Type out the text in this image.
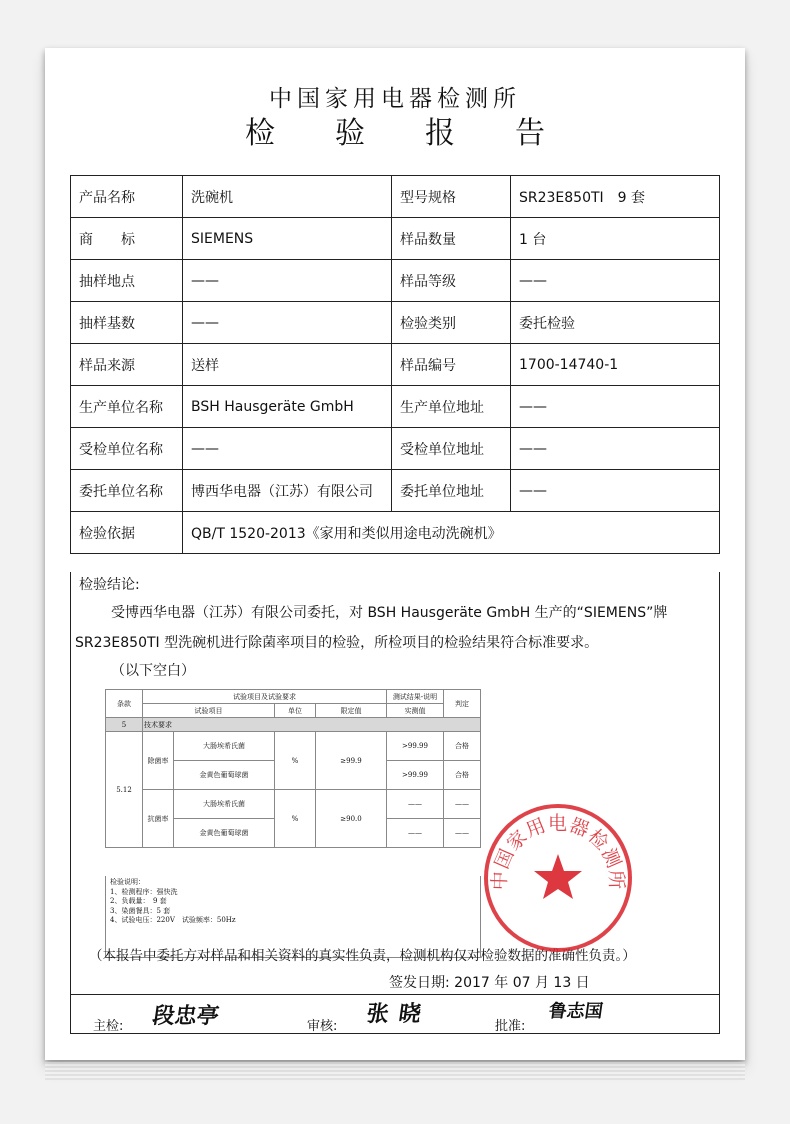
中国家用电器检测所
检验报告
产品名称	洗碗机	型号规格	SR23E850TI　9 套
商　　标	SIEMENS	样品数量	1 台
抽样地点	——	样品等级	——
抽样基数	——	检验类别	委托检验
样品来源	送样	样品编号	1700-14740-1
生产单位名称	BSH Hausgeräte GmbH	生产单位地址	——
受检单位名称	——	受检单位地址	——
委托单位名称	博西华电器（江苏）有限公司	委托单位地址	——
检验依据	QB/T 1520-2013《家用和类似用途电动洗碗机》		
检验结论:

受博西华电器（江苏）有限公司委托，对 BSH Hausgeräte GmbH 生产的“SIEMENS”牌

SR23E850TI 型洗碗机进行除菌率项目的检验，所检项目的检验结果符合标准要求。

（以下空白）
条款	试验项目及试验要求				测试结果-说明	判定
	试验项目		单位	限定值	实测值	
5	技术要求					
5.12	除菌率	大肠埃希氏菌	%	≥99.9	>99.99	合格
		金黄色葡萄球菌			>99.99	合格
	抗菌率	大肠埃希氏菌	%	≥90.0	——	——
		金黄色葡萄球菌			——	——
检验说明：
1、检测程序：强快洗
2、负载量：　9 套
3、染菌餐具：5 套
4、试验电压：220V　试验频率：50Hz
（本报告中委托方对样品和相关资料的真实性负责，检测机构仅对检验数据的准确性负责。）
签发日期: 2017 年 07 月 13 日
主检: 段忠亭	审核: 张晓	批准:
鲁志国
中国家用电器检测所
